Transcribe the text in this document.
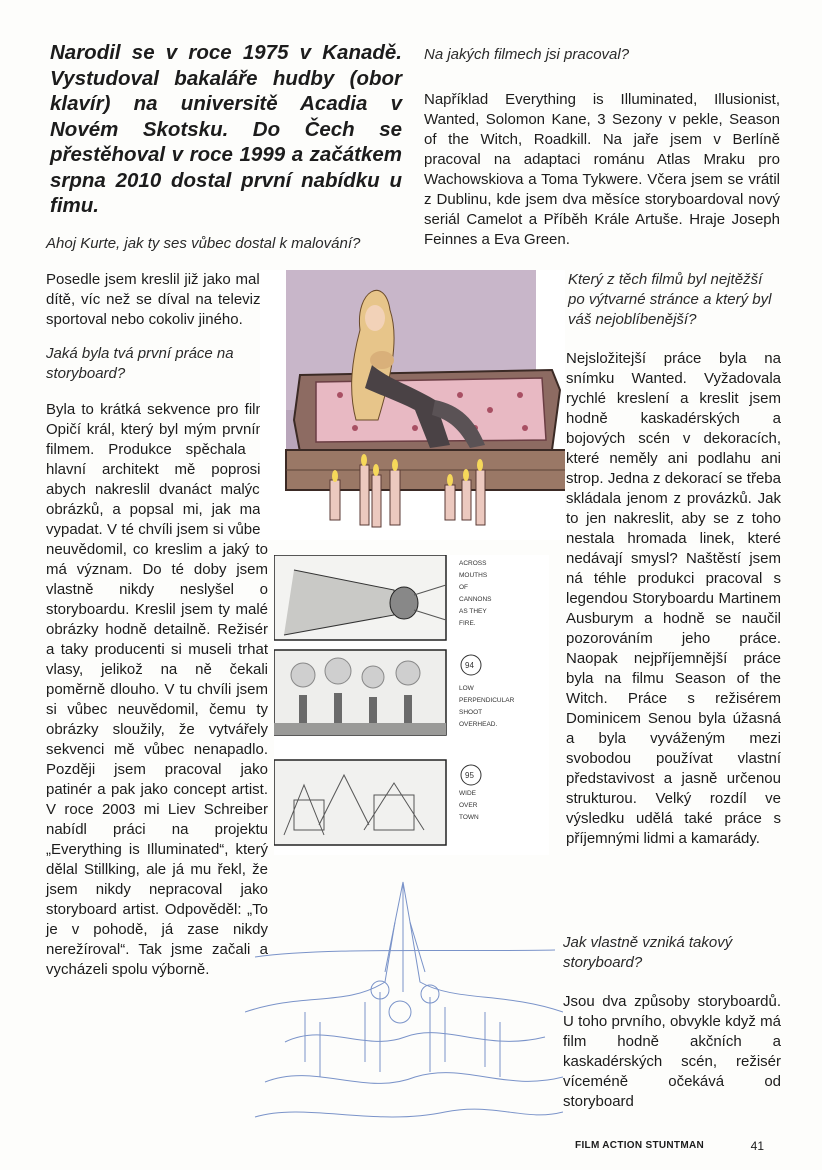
Narodil se v roce 1975 v Kanadě. Vystudoval bakaláře hudby (obor klavír) na universitě Acadia v Novém Skotsku. Do Čech se přestěhoval v roce 1999 a začátkem srpna 2010 dostal první nabídku u fimu.
Ahoj Kurte, jak ty ses vůbec dostal k malování?

Posedle jsem kreslil již jako malé dítě, víc než se díval na televizi, sportoval nebo cokoliv jiného.

Jaká byla tvá první práce na storyboard?

Byla to krátká sekvence pro film Opičí král, který byl mým prvním filmem. Produkce spěchala a hlavní architekt mě poprosil, abych nakreslil dvanáct malých obrázků, a popsal mi, jak mají vypadat. V té chvíli jsem si vůbec neuvědomil, co kreslim a jaký to má význam. Do té doby jsem vlastně nikdy neslyšel o storyboardu. Kreslil jsem ty malé obrázky hodně detailně. Režisér a taky producenti si museli trhat vlasy, jelikož na ně čekali poměrně dlouho. V tu chvíli jsem si vůbec neuvědomil, čemu ty obrázky sloužily, že vytvářely sekvenci mě vůbec nenapadlo. Později jsem pracoval jako patinér a pak jako concept artist. V roce 2003 mi Liev Schreiber nabídl práci na projektu „Everything is Illuminated“, který dělal Stillking, ale já mu řekl, že jsem nikdy nepracoval jako storyboard artist. Odpověděl: „To je v pohodě, já zase nikdy nerežíroval“. Tak jsme začali a vycházeli spolu výborně.

Na jakých filmech jsi pracoval?
Například Everything is Illuminated, Illusionist, Wanted, Solomon Kane, 3 Sezony v pekle, Season of the Witch, Roadkill. Na jaře jsem v Berlíně pracoval na adaptaci románu Atlas Mraku pro Wachowskiova a Toma Tykwere. Včera jsem se vrátil z Dublinu, kde jsem dva měsíce storyboardoval nový seriál Camelot a Příběh Krále Artuše. Hraje Joseph Feinnes a Eva Green.
Který z těch filmů byl nejtěžší po výtvarné stránce a který byl váš nejoblíbenější?
Nejsložitejší práce byla na snímku Wanted. Vyžadovala rychlé kreslení a kreslit jsem hodně kaskadérských a bojových scén v dekoracích, které neměly ani podlahu ani strop. Jedna z dekorací se třeba skládala jenom z provázků. Jak to jen nakreslit, aby se z toho nestala hromada linek, které nedávají smysl? Naštěstí jsem ná téhle produkci pracoval s legendou Storyboardu Martinem Ausburym a hodně se naučil pozorováním jeho práce. Naopak nejpříjemnější práce byla na filmu Season of the Witch. Práce s režisérem Dominicem Senou byla úžasná a byla vyváženým mezi svobodou používat vlastní představivost a jasně určenou strukturou. Velký rozdíl ve výsledku udělá také práce s příjemnými lidmi a kamarády.
Jak vlastně vzniká takový storyboard?
Jsou dva způsoby storyboardů. U toho prvního, obvykle když má film hodně akčních a kaskadérských scén, režisér víceméně očekává od storyboard
ACROSS MOUTHS OF CANNONS AS THEY FIRE.
94
LOW PERPENDICULAR SHOOT OVERHEAD.
95
WIDE OVER TOWN
FILM ACTION STUNTMAN	41
